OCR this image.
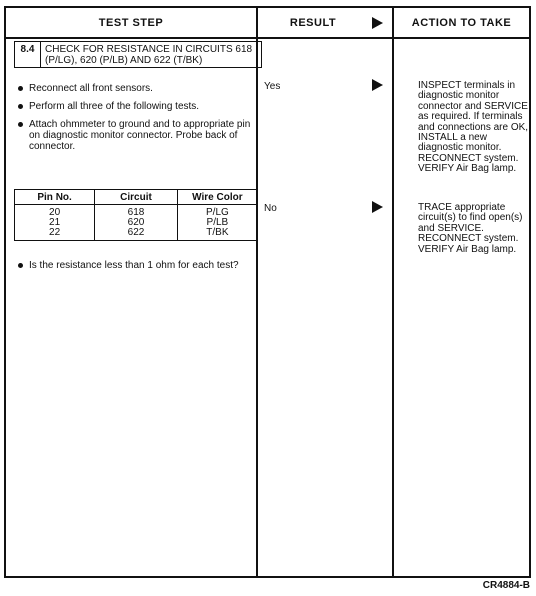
TEST STEP	RESULT	ACTION TO TAKE
8.4	CHECK FOR RESISTANCE IN CIRCUITS 618 (P/LG), 620 (P/LB) AND 622 (T/BK)
Reconnect all front sensors.
Perform all three of the following tests.
Attach ohmmeter to ground and to appropriate pin on diagnostic monitor connector. Probe back of connector.
Pin No.	Circuit	Wire Color
20	618	P/LG
21	620	P/LB
22	622	T/BK
Is the resistance less than 1 ohm for each test?
Yes	INSPECT terminals in diagnostic monitor connector and SERVICE as required. If terminals and connections are OK, INSTALL a new diagnostic monitor. RECONNECT system. VERIFY Air Bag lamp.
No	TRACE appropriate circuit(s) to find open(s) and SERVICE. RECONNECT system. VERIFY Air Bag lamp.
CR4884-B
